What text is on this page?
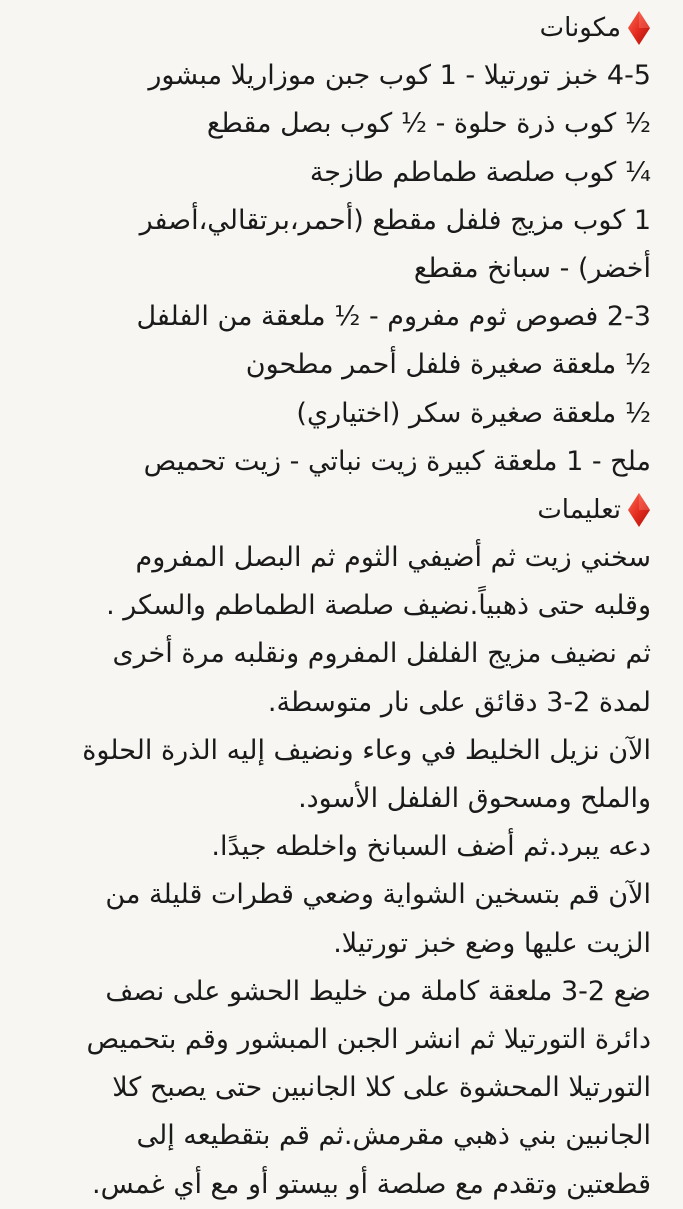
مكونات
4-5 خبز تورتيلا - 1 كوب جبن موزاريلا مبشور
½ كوب ذرة حلوة - ½ كوب بصل مقطع
¼ كوب صلصة طماطم طازجة
1 كوب مزيج فلفل مقطع (أحمر،برتقالي،أصفر
أخضر) - سبانخ مقطع
2-3 فصوص ثوم مفروم - ½ ملعقة من الفلفل
½ ملعقة صغيرة فلفل أحمر مطحون
½ ملعقة صغيرة سكر (اختياري)
ملح - 1 ملعقة كبيرة زيت نباتي - زيت تحميص
تعليمات
سخني زيت ثم أضيفي الثوم ثم البصل المفروم
وقلبه حتى ذهبياً.نضيف صلصة الطماطم والسكر .
ثم نضيف مزيج الفلفل المفروم ونقلبه مرة أخرى
لمدة 2-3 دقائق على نار متوسطة.
الآن نزيل الخليط في وعاء ونضيف إليه الذرة الحلوة
والملح ومسحوق الفلفل الأسود.
دعه يبرد.ثم أضف السبانخ واخلطه جيدًا.
الآن قم بتسخين الشواية وضعي قطرات قليلة من
الزيت عليها وضع خبز تورتيلا.
ضع 2-3 ملعقة كاملة من خليط الحشو على نصف
دائرة التورتيلا ثم انشر الجبن المبشور وقم بتحميص
التورتيلا المحشوة على كلا الجانبين حتى يصبح كلا
الجانبين بني ذهبي مقرمش.ثم قم بتقطيعه إلى
قطعتين وتقدم مع صلصة أو بيستو أو مع أي غمس.
